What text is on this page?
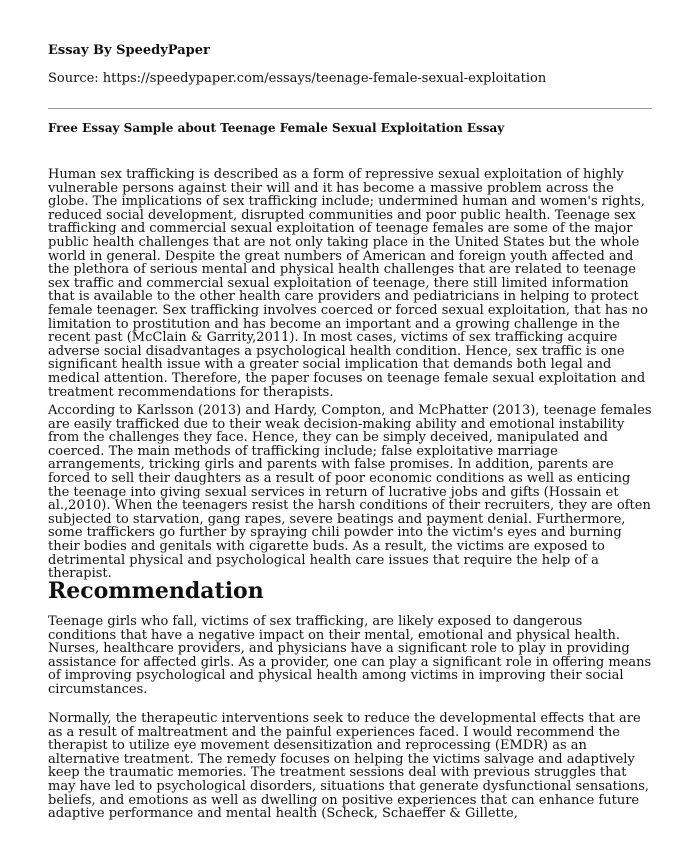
Essay By SpeedyPaper
Source: https://speedypaper.com/essays/teenage-female-sexual-exploitation
Free Essay Sample about Teenage Female Sexual Exploitation Essay

Human sex trafficking is described as a form of repressive sexual exploitation of highly vulnerable persons against their will and it has become a massive problem across the globe. The implications of sex trafficking include; undermined human and women's rights, reduced social development, disrupted communities and poor public health. Teenage sex trafficking and commercial sexual exploitation of teenage females are some of the major public health challenges that are not only taking place in the United States but the whole world in general. Despite the great numbers of American and foreign youth affected and the plethora of serious mental and physical health challenges that are related to teenage sex traffic and commercial sexual exploitation of teenage, there still limited information that is available to the other health care providers and pediatricians in helping to protect female teenager. Sex trafficking involves coerced or forced sexual exploitation, that has no limitation to prostitution and has become an important and a growing challenge in the recent past (McClain & Garrity,2011). In most cases, victims of sex trafficking acquire adverse social disadvantages a psychological health condition. Hence, sex traffic is one significant health issue with a greater social implication that demands both legal and medical attention. Therefore, the paper focuses on teenage female sexual exploitation and treatment recommendations for therapists.

According to Karlsson (2013) and Hardy, Compton, and McPhatter (2013), teenage females are easily trafficked due to their weak decision-making ability and emotional instability from the challenges they face. Hence, they can be simply deceived, manipulated and coerced. The main methods of trafficking include; false exploitative marriage arrangements, tricking girls and parents with false promises. In addition, parents are forced to sell their daughters as a result of poor economic conditions as well as enticing the teenage into giving sexual services in return of lucrative jobs and gifts (Hossain et al.,2010). When the teenagers resist the harsh conditions of their recruiters, they are often subjected to starvation, gang rapes, severe beatings and payment denial. Furthermore, some traffickers go further by spraying chili powder into the victim's eyes and burning their bodies and genitals with cigarette buds. As a result, the victims are exposed to detrimental physical and psychological health care issues that require the help of a therapist.

Recommendation

Teenage girls who fall, victims of sex trafficking, are likely exposed to dangerous conditions that have a negative impact on their mental, emotional and physical health. Nurses, healthcare providers, and physicians have a significant role to play in providing assistance for affected girls. As a provider, one can play a significant role in offering means of improving psychological and physical health among victims in improving their social circumstances.

Normally, the therapeutic interventions seek to reduce the developmental effects that are as a result of maltreatment and the painful experiences faced. I would recommend the therapist to utilize eye movement desensitization and reprocessing (EMDR) as an alternative treatment. The remedy focuses on helping the victims salvage and adaptively keep the traumatic memories. The treatment sessions deal with previous struggles that may have led to psychological disorders, situations that generate dysfunctional sensations, beliefs, and emotions as well as dwelling on positive experiences that can enhance future adaptive performance and mental health (Scheck, Schaeffer & Gillette,
